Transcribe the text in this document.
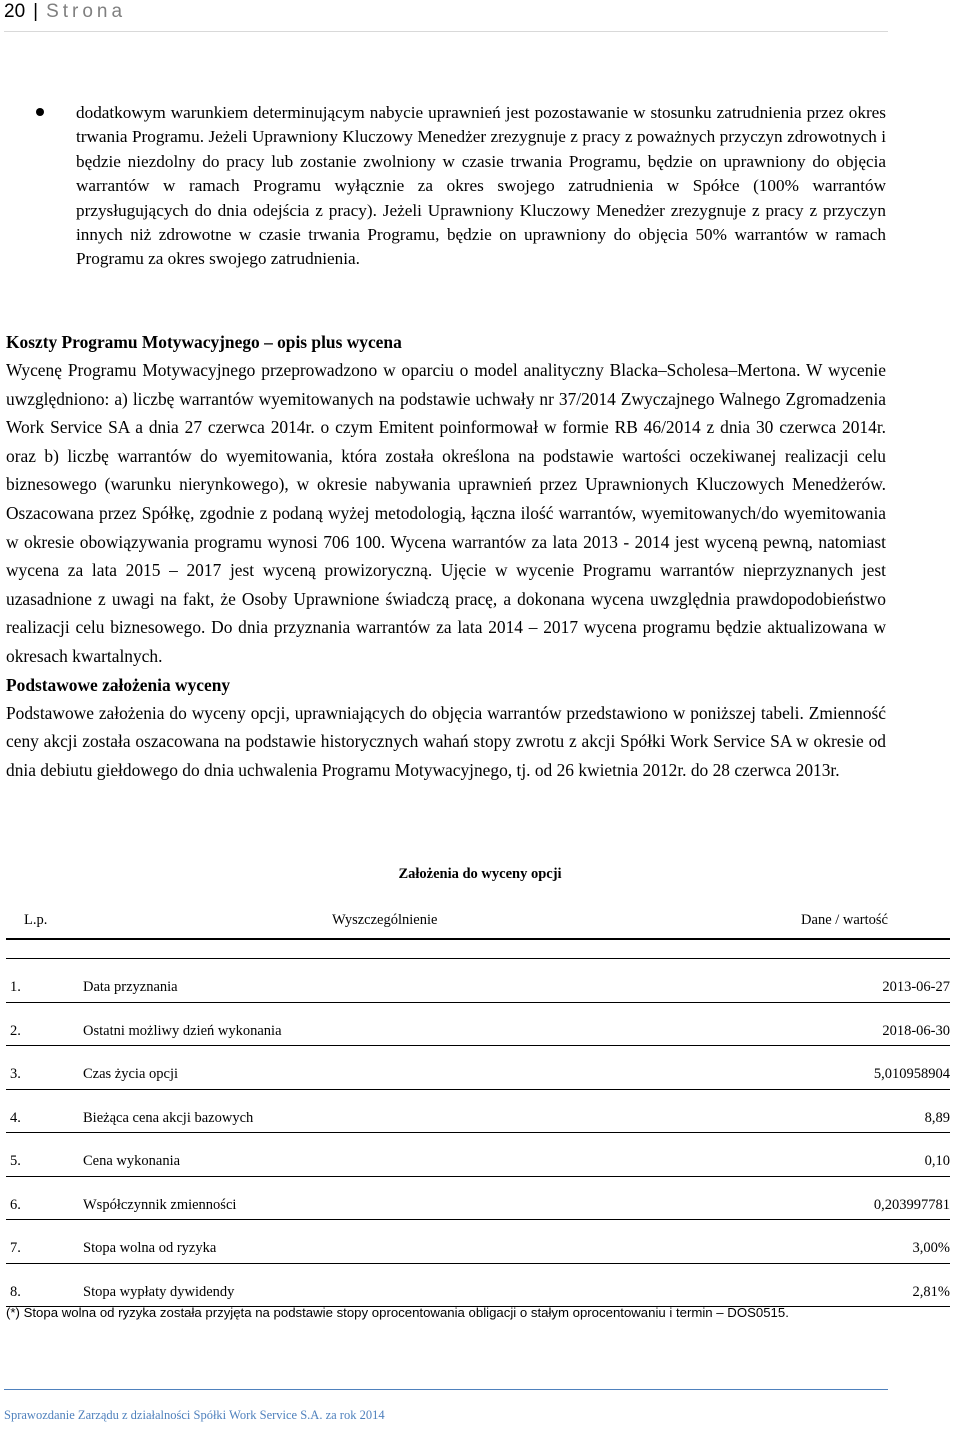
20 | Strona
dodatkowym warunkiem determinującym nabycie uprawnień jest pozostawanie w stosunku zatrudnienia przez okres trwania Programu. Jeżeli Uprawniony Kluczowy Menedżer zrezygnuje z pracy z poważnych przyczyn zdrowotnych i będzie niezdolny do pracy lub zostanie zwolniony w czasie trwania Programu, będzie on uprawniony do objęcia warrantów w ramach Programu wyłącznie za okres swojego zatrudnienia w Spółce (100% warrantów przysługujących do dnia odejścia z pracy). Jeżeli Uprawniony Kluczowy Menedżer zrezygnuje z pracy z przyczyn innych niż zdrowotne w czasie trwania Programu, będzie on uprawniony do objęcia 50% warrantów w ramach Programu za okres swojego zatrudnienia.
Koszty Programu Motywacyjnego – opis plus wycena

Wycenę Programu Motywacyjnego przeprowadzono w oparciu o model analityczny Blacka–Scholesa–Mertona. W wycenie uwzględniono: a) liczbę warrantów wyemitowanych na podstawie uchwały nr 37/2014 Zwyczajnego Walnego Zgromadzenia Work Service SA a dnia 27 czerwca 2014r. o czym Emitent poinformował w formie RB 46/2014 z dnia 30 czerwca 2014r. oraz b) liczbę warrantów do wyemitowania, która została określona na podstawie wartości oczekiwanej realizacji celu biznesowego (warunku nierynkowego), w okresie nabywania uprawnień przez Uprawnionych Kluczowych Menedżerów. Oszacowana przez Spółkę, zgodnie z podaną wyżej metodologią, łączna ilość warrantów, wyemitowanych/do wyemitowania w okresie obowiązywania programu wynosi 706 100. Wycena warrantów za lata 2013 - 2014 jest wyceną pewną, natomiast wycena za lata 2015 – 2017 jest wyceną prowizoryczną. Ujęcie w wycenie Programu warrantów nieprzyznanych jest uzasadnione z uwagi na fakt, że Osoby Uprawnione świadczą pracę, a dokonana wycena uwzględnia prawdopodobieństwo realizacji celu biznesowego. Do dnia przyznania warrantów za lata 2014 – 2017 wycena programu będzie aktualizowana w okresach kwartalnych.

Podstawowe założenia wyceny

Podstawowe założenia do wyceny opcji, uprawniających do objęcia warrantów przedstawiono w poniższej tabeli. Zmienność ceny akcji została oszacowana na podstawie historycznych wahań stopy zwrotu z akcji Spółki Work Service SA w okresie od dnia debiutu giełdowego do dnia uchwalenia Programu Motywacyjnego, tj. od 26 kwietnia 2012r. do 28 czerwca 2013r.

Założenia do wyceny opcji
L.p.	Wyszczególnienie	Dane / wartość
1.	Data przyznania	2013-06-27
2.	Ostatni możliwy dzień wykonania	2018-06-30
3.	Czas życia opcji	5,010958904
4.	Bieżąca cena akcji bazowych	8,89
5.	Cena wykonania	0,10
6.	Współczynnik zmienności	0,203997781
7.	Stopa wolna od ryzyka	3,00%
8.	Stopa wypłaty dywidendy	2,81%
(*) Stopa wolna od ryzyka została przyjęta na podstawie stopy oprocentowania obligacji o stałym oprocentowaniu i termin – DOS0515.
Sprawozdanie Zarządu z działalności Spółki Work Service S.A. za rok 2014
